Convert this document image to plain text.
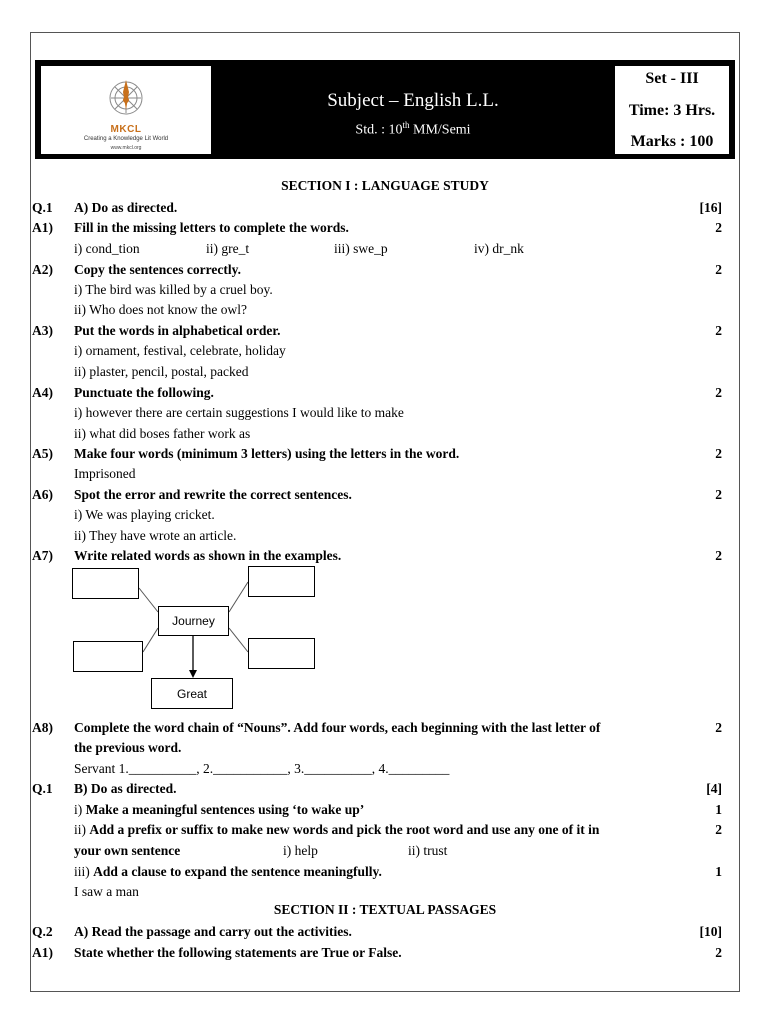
MKCL
Creating a Knowledge Lit World
www.mkcl.org
Subject – English L.L.
Std. : 10th MM/Semi
Set - III
Time: 3 Hrs.
Marks : 100
SECTION I : LANGUAGE STUDY
Q.1 A) Do as directed.	[16]
A1) Fill in the missing letters to complete the words.	2
i) cond_tion	ii) gre_t	iii) swe_p	iv) dr_nk
A2) Copy the sentences correctly.	2
i) The bird was killed by a cruel boy.
ii) Who does not know the owl?
A3) Put the words in alphabetical order.	2
i) ornament, festival, celebrate, holiday
ii) plaster, pencil, postal, packed
A4) Punctuate the following.	2
i) however there are certain suggestions I would like to make
ii) what did boses father work as
A5) Make four words (minimum 3 letters) using the letters in the word.	2
Imprisoned
A6) Spot the error and rewrite the correct sentences.	2
i) We was playing cricket.
ii) They have wrote an article.
A7) Write related words as shown in the examples.	2
Journey
Great
A8) Complete the word chain of “Nouns”. Add four words, each beginning with the last letter of	2
the previous word.
Servant 1.__________, 2.___________, 3.__________, 4._________
Q.1 B) Do as directed.	[4]
i) Make a meaningful sentences using ‘to wake up’	1
ii) Add a prefix or suffix to make new words and pick the root word and use any one of it in	2
your own sentence	i) help	ii) trust
iii) Add a clause to expand the sentence meaningfully.	1
I saw a man
SECTION II : TEXTUAL PASSAGES
Q.2 A) Read the passage and carry out the activities.	[10]
A1) State whether the following statements are True or False.	2
